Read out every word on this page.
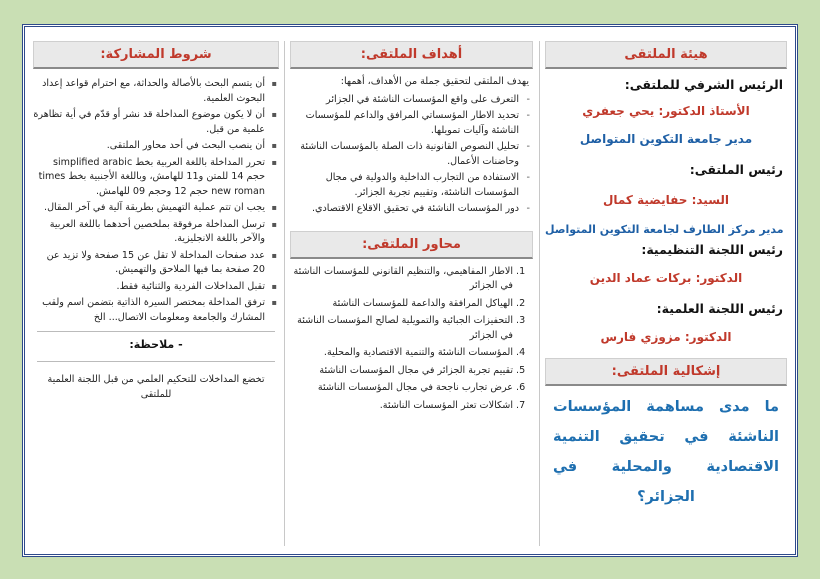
هيئة الملتقى
الرئيس الشرفي للملتقى:
الأستاذ الدكتور: يحي جعفري
مدير جامعة التكوين المتواصل
رئيس الملتقى:
السيد: حفايضية كمال
مدير مركز الطارف لجامعة التكوين المتواصل
رئيس اللجنة التنظيمية:
الدكتور: بركات عماد الدين
رئيس اللجنة العلمية:
الدكتور: مزوزي فارس
إشكالية الملتقى:
ما مدى مساهمة المؤسسات الناشئة في تحقيق التنمية الاقتصادية والمحلية في الجزائر؟
أهداف الملتقى:
يهدف الملتقى لتحقيق جملة من الأهداف، أهمها:
- التعرف على واقع المؤسسات الناشئة في الجزائر
- تحديد الاطار المؤسساتي المرافق والداعم للمؤسسات الناشئة وآليات تمويلها.
- تحليل النصوص القانونية ذات الصلة بالمؤسسات الناشئة وحاضنات الأعمال.
- الاستفادة من التجارب الداخلية والدولية في مجال المؤسسات الناشئة، وتقييم تجربة الجزائر.
- دور المؤسسات الناشئة في تحقيق الاقلاع الاقتصادي.
محاور الملتقى:
1. الاطار المفاهيمي، والتنظيم القانوني للمؤسسات الناشئة في الجزائر
2. الهياكل المرافقة والداعمة للمؤسسات الناشئة
3. التحفيزات الجبائية والتمويلية لصالح المؤسسات الناشئة في الجزائر
4. المؤسسات الناشئة والتنمية الاقتصادية والمحلية.
5. تقييم تجربة الجزائر في مجال المؤسسات الناشئة
6. عرض تجارب ناجحة في مجال المؤسسات الناشئة
7. اشكالات تعثر المؤسسات الناشئة.
شروط المشاركة:
▪ أن يتسم البحث بالأصالة والحداثة، مع احترام قواعد إعداد البحوث العلمية.
▪ أن لا يكون موضوع المداخلة قد نشر أو قدّم في أية تظاهرة علمية من قبل.
▪ أن ينصب البحث في أحد محاور الملتقى.
▪ تحرر المداخلة باللغة العربية بخط simplified arabic حجم 14 للمتن و11 للهامش، وباللغة الأجنبية بخط times new roman حجم 12 وحجم 09 للهامش.
▪ يجب ان تتم عملية التهميش بطريقة آلية في آخر المقال.
▪ ترسل المداخلة مرفوقة بملخصين أحدهما باللغة العربية والآخر باللغة الانجليزية.
▪ عدد صفحات المداخلة لا تقل عن 15 صفحة ولا تزيد عن 20 صفحة بما فيها الملاحق والتهميش.
▪ تقبل المداخلات الفردية والثنائية فقط.
▪ ترفق المداخلة بمختصر السيرة الذاتية بتضمن اسم ولقب المشارك والجامعة ومعلومات الاتصال... الخ
- ملاحظة:
تخضع المداخلات للتحكيم العلمي من قبل اللجنة العلمية للملتقى
